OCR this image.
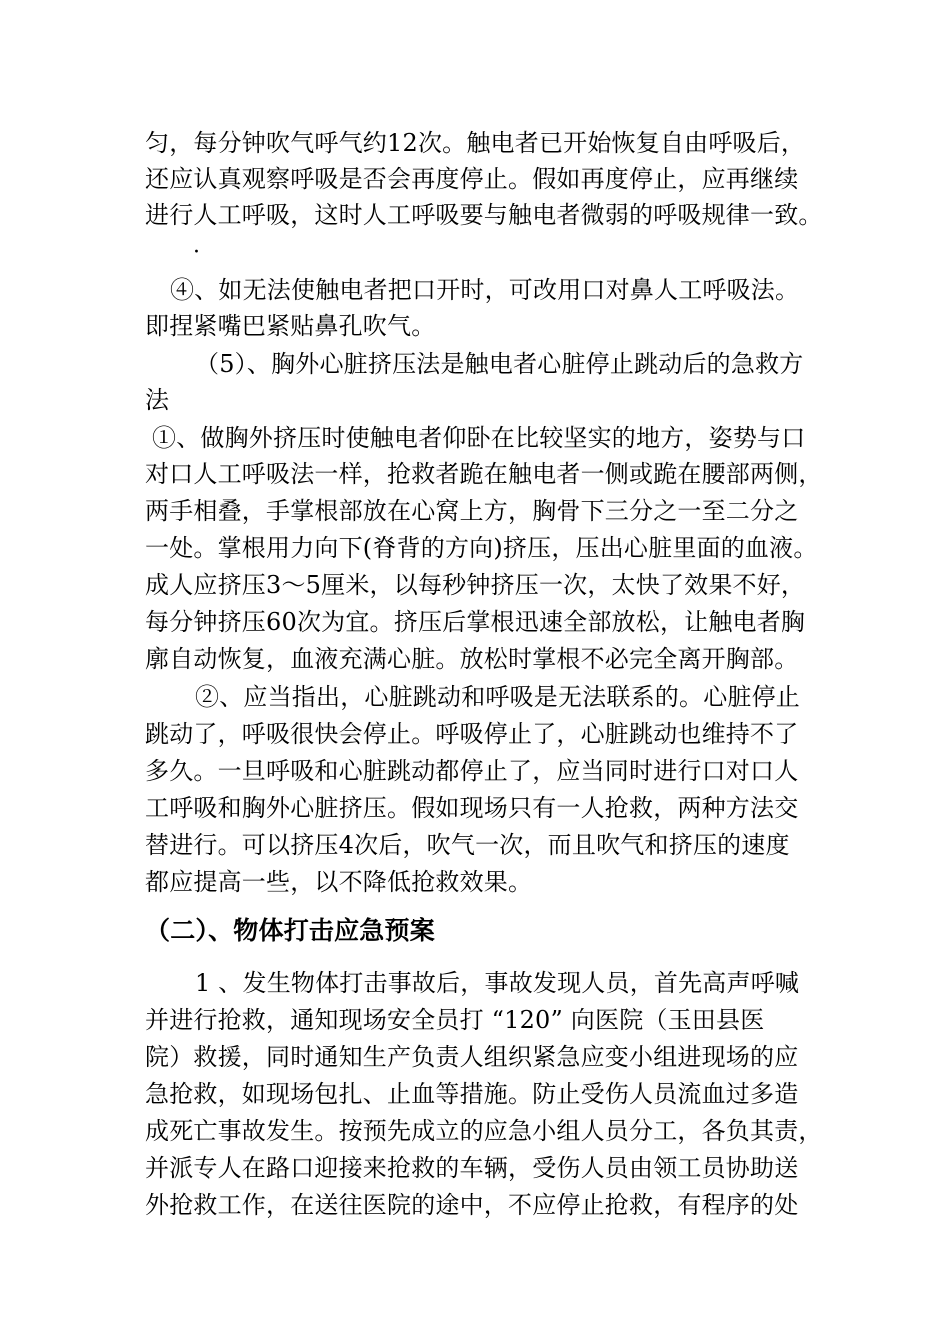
匀，每分钟吹气呼气约12次。触电者已开始恢复自由呼吸后，
还应认真观察呼吸是否会再度停止。假如再度停止，应再继续
进行人工呼吸，这时人工呼吸要与触电者微弱的呼吸规律一致。
·
④、如无法使触电者把口开时，可改用口对鼻人工呼吸法。
即捏紧嘴巴紧贴鼻孔吹气。
（5）、胸外心脏挤压法是触电者心脏停止跳动后的急救方
法
①、做胸外挤压时使触电者仰卧在比较坚实的地方，姿势与口
对口人工呼吸法一样，抢救者跪在触电者一侧或跪在腰部两侧，
两手相叠，手掌根部放在心窝上方，胸骨下三分之一至二分之
一处。掌根用力向下(脊背的方向)挤压，压出心脏里面的血液。
成人应挤压3～5厘米，以每秒钟挤压一次，太快了效果不好，
每分钟挤压60次为宜。挤压后掌根迅速全部放松，让触电者胸
廓自动恢复，血液充满心脏。放松时掌根不必完全离开胸部。
②、应当指出，心脏跳动和呼吸是无法联系的。心脏停止
跳动了，呼吸很快会停止。呼吸停止了，心脏跳动也维持不了
多久。一旦呼吸和心脏跳动都停止了，应当同时进行口对口人
工呼吸和胸外心脏挤压。假如现场只有一人抢救，两种方法交
替进行。可以挤压4次后，吹气一次，而且吹气和挤压的速度
都应提高一些，以不降低抢救效果。
（二）、物体打击应急预案
1 、发生物体打击事故后，事故发现人员，首先高声呼喊
并进行抢救，通知现场安全员打 “120” 向医院（玉田县医
院）救援，同时通知生产负责人组织紧急应变小组进现场的应
急抢救，如现场包扎、止血等措施。防止受伤人员流血过多造
成死亡事故发生。按预先成立的应急小组人员分工，各负其责，
并派专人在路口迎接来抢救的车辆，受伤人员由领工员协助送
外抢救工作，在送往医院的途中，不应停止抢救，有程序的处
